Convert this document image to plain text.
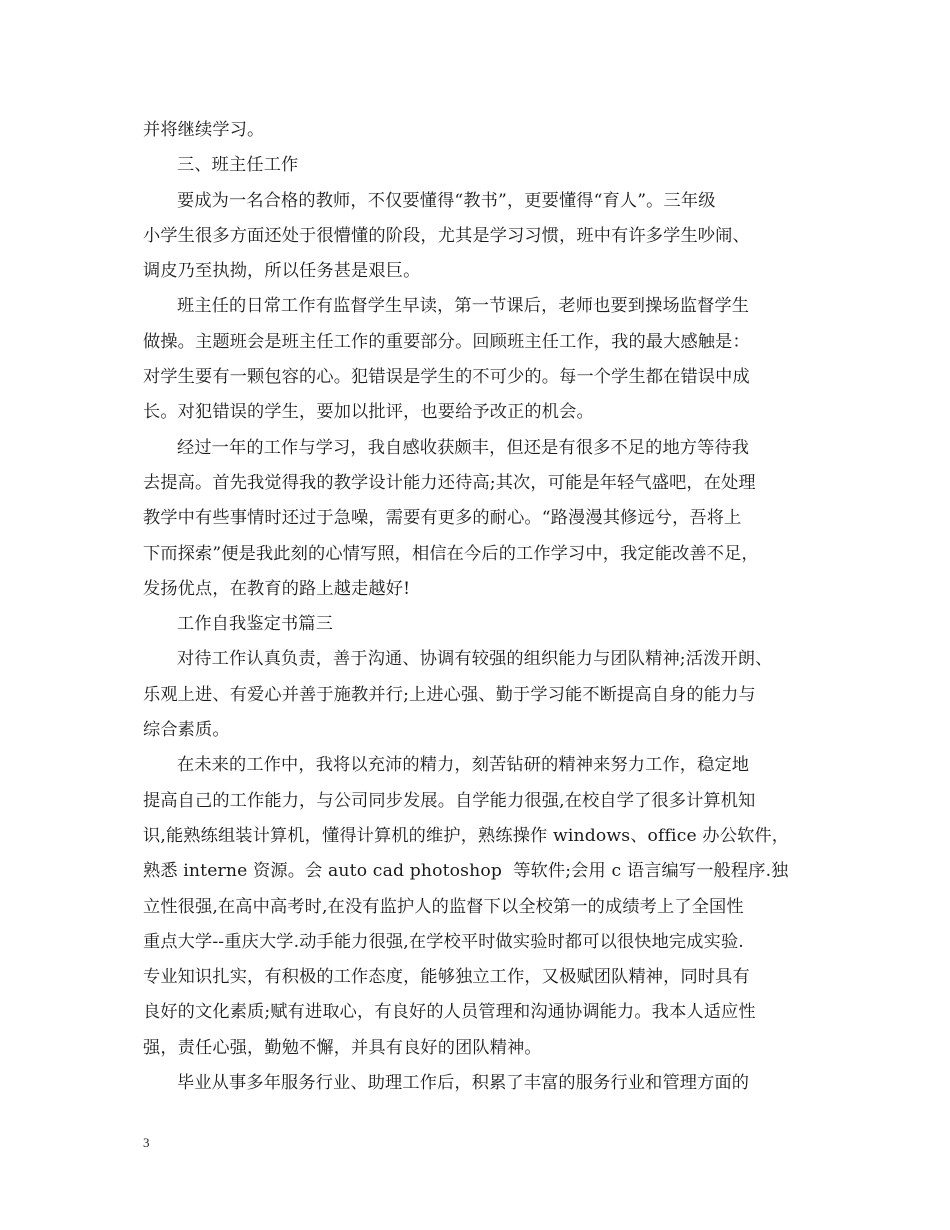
并将继续学习。
三、班主任工作
要成为一名合格的教师，不仅要懂得“教书”，更要懂得“育人”。三年级
小学生很多方面还处于很懵懂的阶段，尤其是学习习惯，班中有许多学生吵闹、
调皮乃至执拗，所以任务甚是艰巨。
班主任的日常工作有监督学生早读，第一节课后，老师也要到操场监督学生
做操。主题班会是班主任工作的重要部分。回顾班主任工作，我的最大感触是：
对学生要有一颗包容的心。犯错误是学生的不可少的。每一个学生都在错误中成
长。对犯错误的学生，要加以批评，也要给予改正的机会。
经过一年的工作与学习，我自感收获颇丰，但还是有很多不足的地方等待我
去提高。首先我觉得我的教学设计能力还待高;其次，可能是年轻气盛吧，在处理
教学中有些事情时还过于急噪，需要有更多的耐心。“路漫漫其修远兮，吾将上
下而探索”便是我此刻的心情写照，相信在今后的工作学习中，我定能改善不足，
发扬优点，在教育的路上越走越好!
工作自我鉴定书篇三
对待工作认真负责，善于沟通、协调有较强的组织能力与团队精神;活泼开朗、
乐观上进、有爱心并善于施教并行;上进心强、勤于学习能不断提高自身的能力与
综合素质。
在未来的工作中，我将以充沛的精力，刻苦钻研的精神来努力工作，稳定地
提高自己的工作能力，与公司同步发展。自学能力很强,在校自学了很多计算机知
识,能熟练组装计算机，懂得计算机的维护，熟练操作 windows、office 办公软件，
熟悉 interne 资源。会 auto cad photoshop  等软件;会用 c 语言编写一般程序.独
立性很强,在高中高考时,在没有监护人的监督下以全校第一的成绩考上了全国性
重点大学--重庆大学.动手能力很强,在学校平时做实验时都可以很快地完成实验.
专业知识扎实，有积极的工作态度，能够独立工作，又极赋团队精神，同时具有
良好的文化素质;赋有进取心，有良好的人员管理和沟通协调能力。我本人适应性
强，责任心强，勤勉不懈，并具有良好的团队精神。
毕业从事多年服务行业、助理工作后，积累了丰富的服务行业和管理方面的
3
